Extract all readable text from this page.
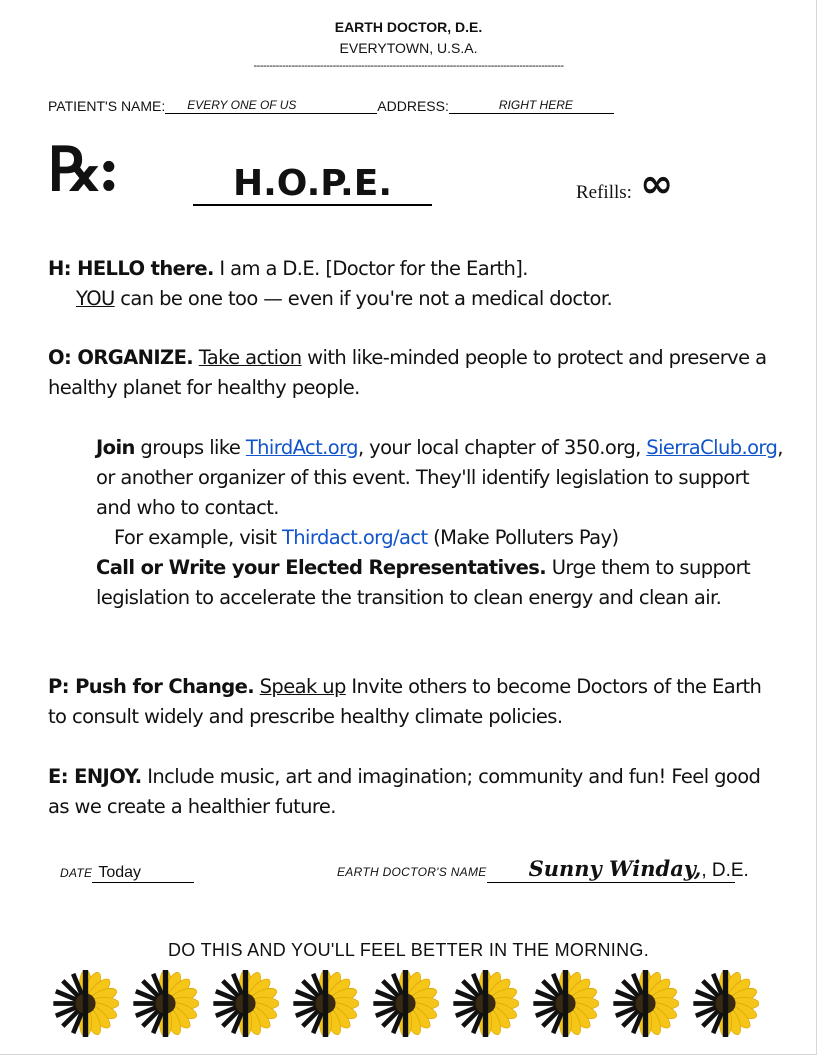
EARTH DOCTOR, D.E.
EVERYTOWN, U.S.A.
--------------------------------------------------------------------------------------------------
PATIENT'S NAME: EVERY ONE OF US	ADDRESS:	RIGHT HERE
℞:	H.O.P.E.	Refills: ∞
H: HELLO there. I am a D.E. [Doctor for the Earth].
YOU can be one too — even if you're not a medical doctor.
O: ORGANIZE. Take action with like-minded people to protect and preserve a healthy planet for healthy people.
Join groups like ThirdAct.org, your local chapter of 350.org, SierraClub.org, or another organizer of this event. They'll identify legislation to support and who to contact.
For example, visit Thirdact.org/act (Make Polluters Pay)
Call or Write your Elected Representatives. Urge them to support legislation to accelerate the transition to clean energy and clean air.
P: Push for Change. Speak up Invite others to become Doctors of the Earth to consult widely and prescribe healthy climate policies.
E: ENJOY. Include music, art and imagination; community and fun! Feel good as we create a healthier future.
DATE Today	EARTH DOCTOR'S NAME Sunny Winday,, D.E.
DO THIS AND YOU'LL FEEL BETTER IN THE MORNING.
